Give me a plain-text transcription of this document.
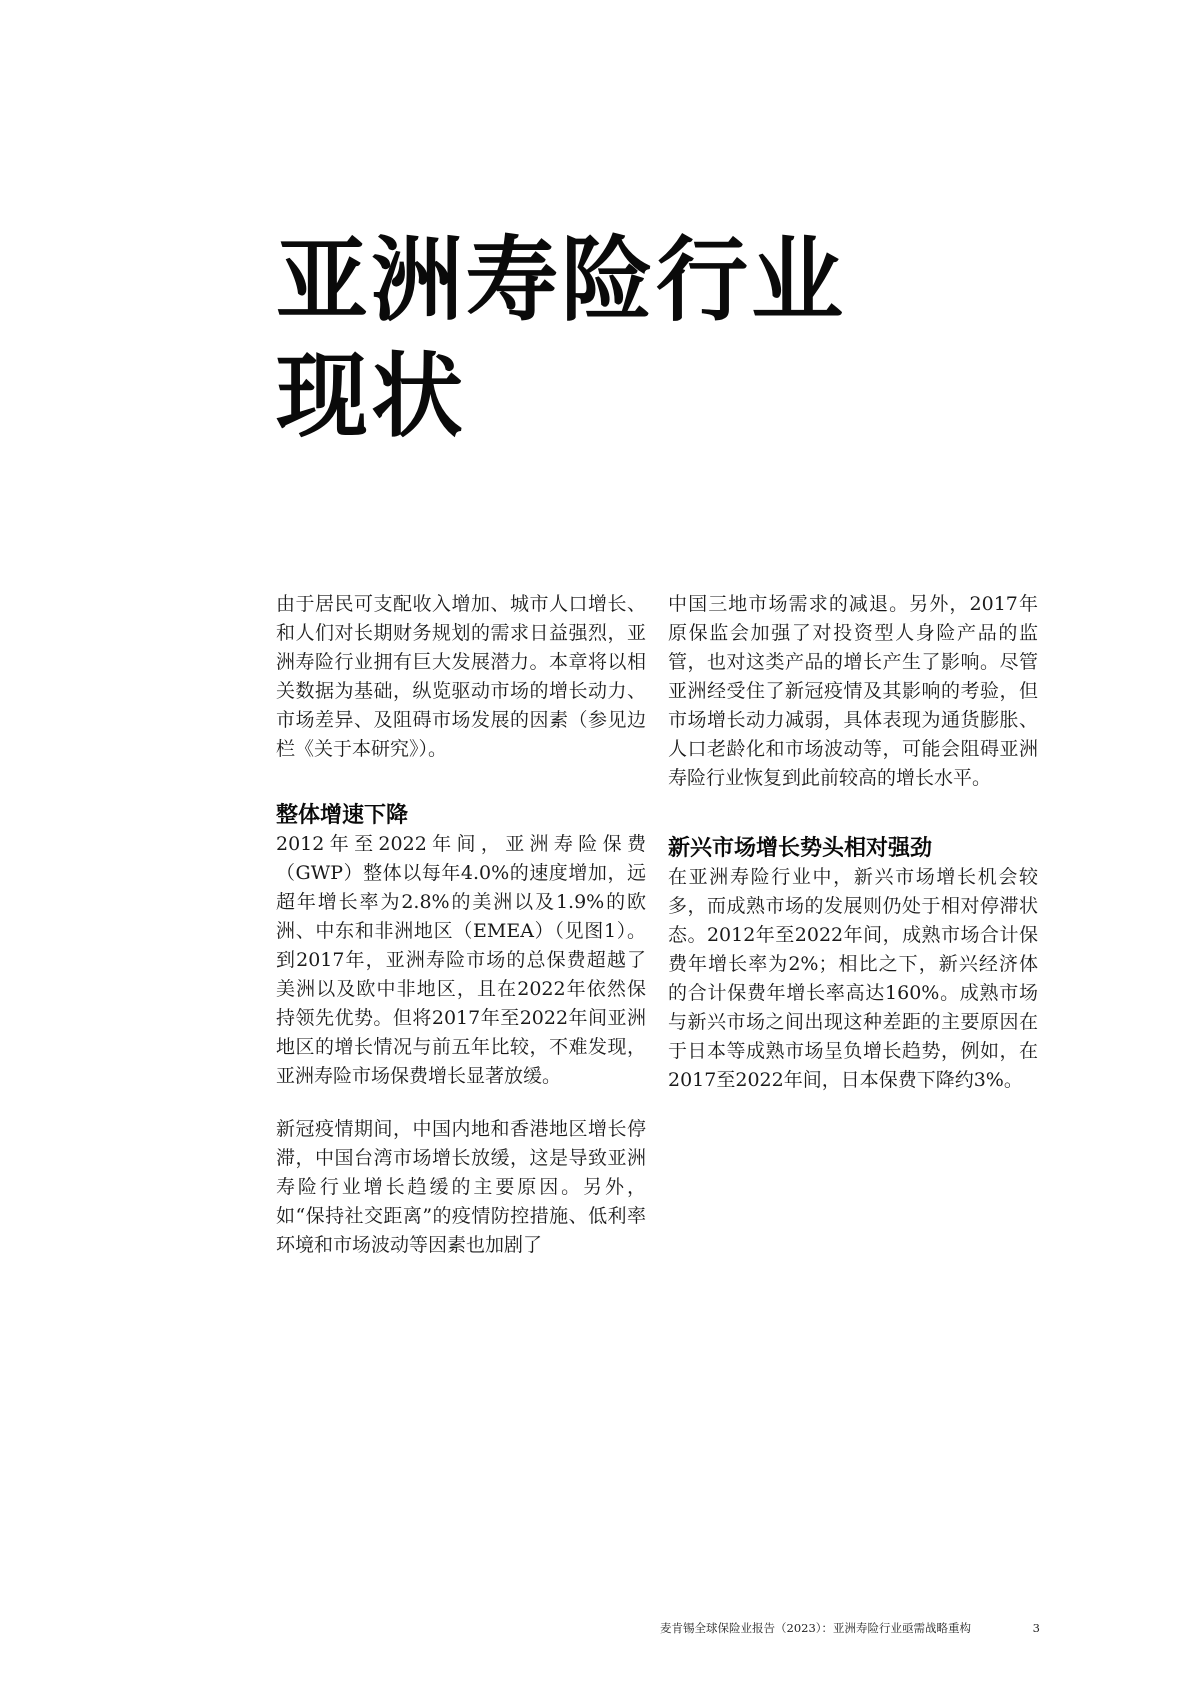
亚洲寿险行业
现状

由于居民可支配收入增加、城市人口增长、和人们对长期财务规划的需求日益强烈，亚洲寿险行业拥有巨大发展潜力。本章将以相关数据为基础，纵览驱动市场的增长动力、市场差异、及阻碍市场发展的因素（参见边栏《关于本研究》）。

整体增速下降

2012年至2022年间，亚洲寿险保费（GWP）整体以每年4.0%的速度增加，远超年增长率为2.8%的美洲以及1.9%的欧洲、中东和非洲地区（EMEA）（见图1）。到2017年，亚洲寿险市场的总保费超越了美洲以及欧中非地区，且在2022年依然保持领先优势。但将2017年至2022年间亚洲地区的增长情况与前五年比较，不难发现，亚洲寿险市场保费增长显著放缓。

新冠疫情期间，中国内地和香港地区增长停滞，中国台湾市场增长放缓，这是导致亚洲寿险行业增长趋缓的主要原因。另外，如“保持社交距离”的疫情防控措施、低利率环境和市场波动等因素也加剧了

中国三地市场需求的减退。另外，2017年原保监会加强了对投资型人身险产品的监管，也对这类产品的增长产生了影响。尽管亚洲经受住了新冠疫情及其影响的考验，但市场增长动力减弱，具体表现为通货膨胀、人口老龄化和市场波动等，可能会阻碍亚洲寿险行业恢复到此前较高的增长水平。

新兴市场增长势头相对强劲

在亚洲寿险行业中，新兴市场增长机会较多，而成熟市场的发展则仍处于相对停滞状态。2012年至2022年间，成熟市场合计保费年增长率为2%；相比之下，新兴经济体的合计保费年增长率高达160%。成熟市场与新兴市场之间出现这种差距的主要原因在于日本等成熟市场呈负增长趋势，例如，在2017至2022年间，日本保费下降约3%。

麦肯锡全球保险业报告（2023）：亚洲寿险行业亟需战略重构	3
